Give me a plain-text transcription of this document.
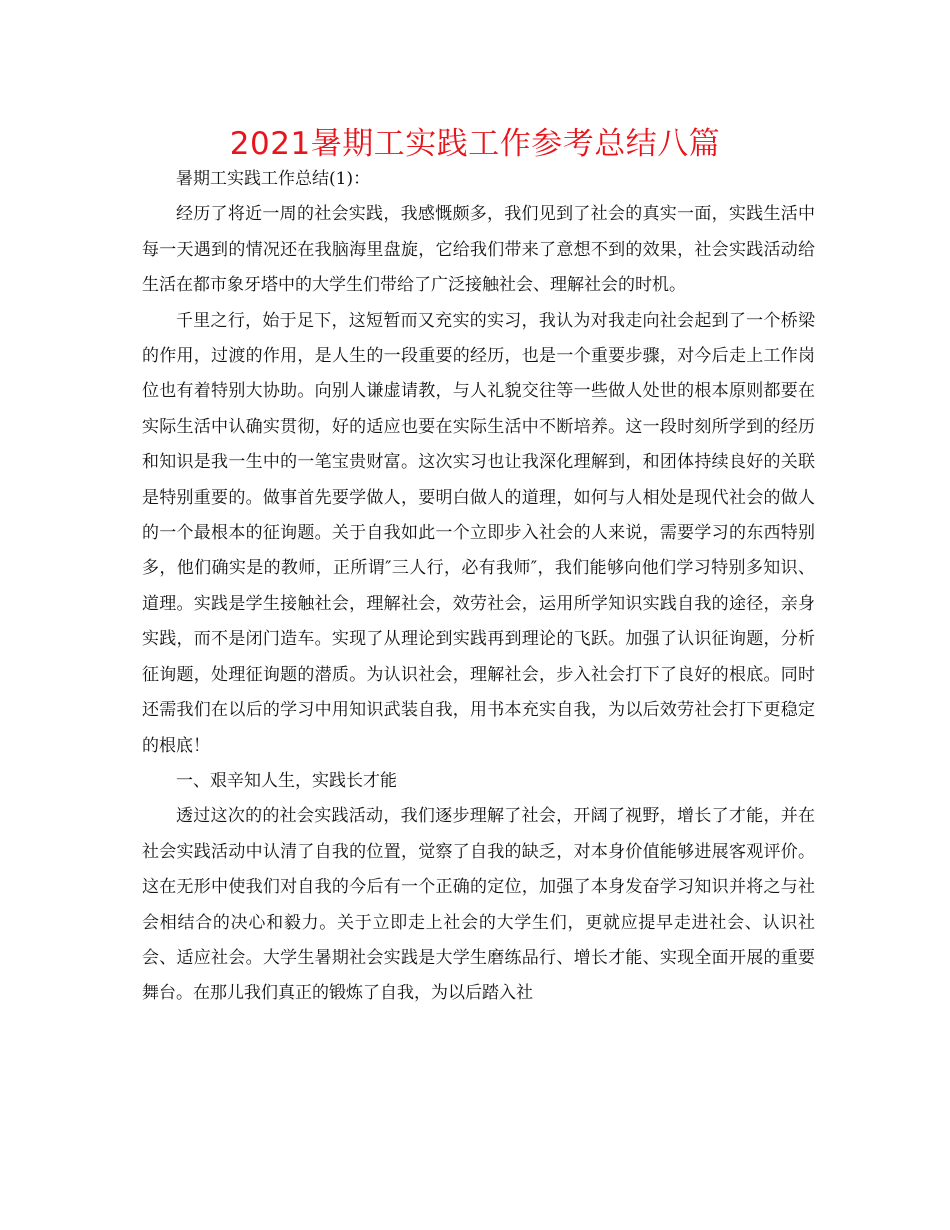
2021暑期工实践工作参考总结八篇

暑期工实践工作总结(1)：

经历了将近一周的社会实践，我感慨颇多，我们见到了社会的真实一面，实践生活中每一天遇到的情况还在我脑海里盘旋，它给我们带来了意想不到的效果，社会实践活动给生活在都市象牙塔中的大学生们带给了广泛接触社会、理解社会的时机。

千里之行，始于足下，这短暂而又充实的实习，我认为对我走向社会起到了一个桥梁的作用，过渡的作用，是人生的一段重要的经历，也是一个重要步骤，对今后走上工作岗位也有着特别大协助。向别人谦虚请教，与人礼貌交往等一些做人处世的根本原则都要在实际生活中认确实贯彻，好的适应也要在实际生活中不断培养。这一段时刻所学到的经历和知识是我一生中的一笔宝贵财富。这次实习也让我深化理解到，和团体持续良好的关联是特别重要的。做事首先要学做人，要明白做人的道理，如何与人相处是现代社会的做人的一个最根本的征询题。关于自我如此一个立即步入社会的人来说，需要学习的东西特别多，他们确实是的教师，正所谓″三人行，必有我师″，我们能够向他们学习特别多知识、道理。实践是学生接触社会，理解社会，效劳社会，运用所学知识实践自我的途径，亲身实践，而不是闭门造车。实现了从理论到实践再到理论的飞跃。加强了认识征询题，分析征询题，处理征询题的潜质。为认识社会，理解社会，步入社会打下了良好的根底。同时还需我们在以后的学习中用知识武装自我，用书本充实自我，为以后效劳社会打下更稳定的根底！

一、艰辛知人生，实践长才能

透过这次的的社会实践活动，我们逐步理解了社会，开阔了视野，增长了才能，并在社会实践活动中认清了自我的位置，觉察了自我的缺乏，对本身价值能够进展客观评价。这在无形中使我们对自我的今后有一个正确的定位，加强了本身发奋学习知识并将之与社会相结合的决心和毅力。关于立即走上社会的大学生们，更就应提早走进社会、认识社会、适应社会。大学生暑期社会实践是大学生磨练品行、增长才能、实现全面开展的重要舞台。在那儿我们真正的锻炼了自我，为以后踏入社
